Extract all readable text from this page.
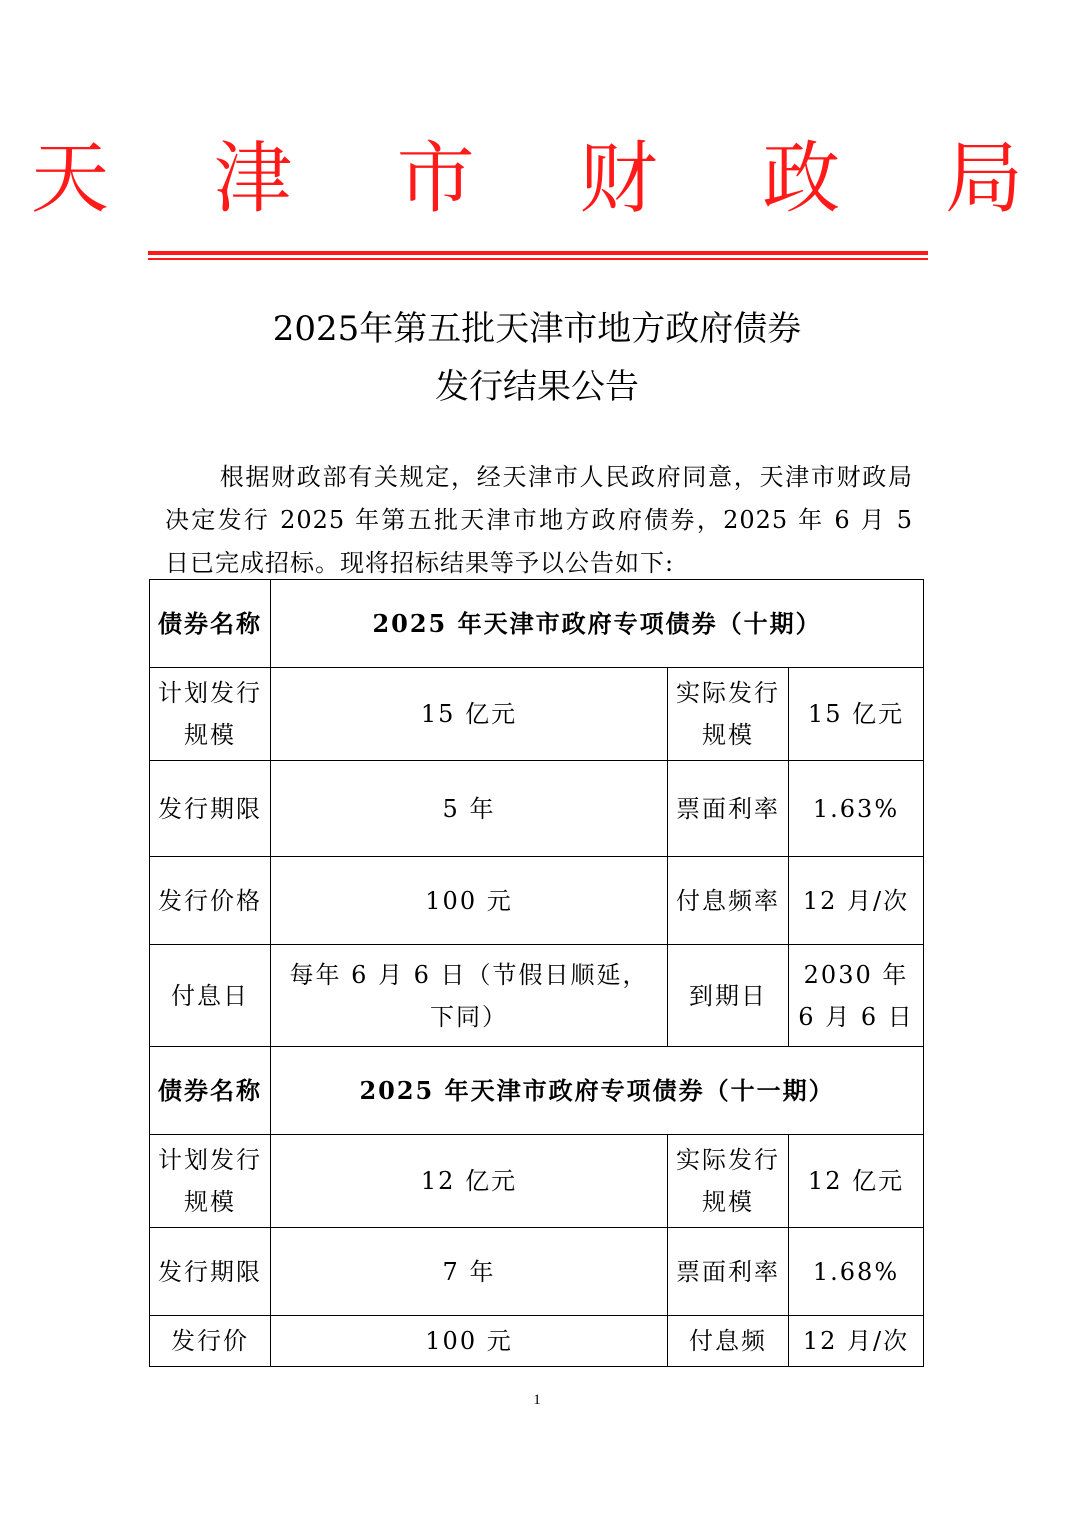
天 津 市 财 政 局
2025年第五批天津市地方政府债券
发行结果公告

根据财政部有关规定，经天津市人民政府同意，天津市财政局决定发行 2025 年第五批天津市地方政府债券，2025 年 6 月 5 日已完成招标。现将招标结果等予以公告如下:

债券名称	2025 年天津市政府专项债券（十期）		
计划发行规模	15 亿元	实际发行规模	15 亿元
发行期限	5 年	票面利率	1.63%
发行价格	100 元	付息频率	12 月/次
付息日	每年 6 月 6 日（节假日顺延，下同）	到期日	2030 年 6 月 6 日
债券名称	2025 年天津市政府专项债券（十一期）		
计划发行规模	12 亿元	实际发行规模	12 亿元
发行期限	7 年	票面利率	1.68%
发行价	100 元	付息频	12 月/次
1
